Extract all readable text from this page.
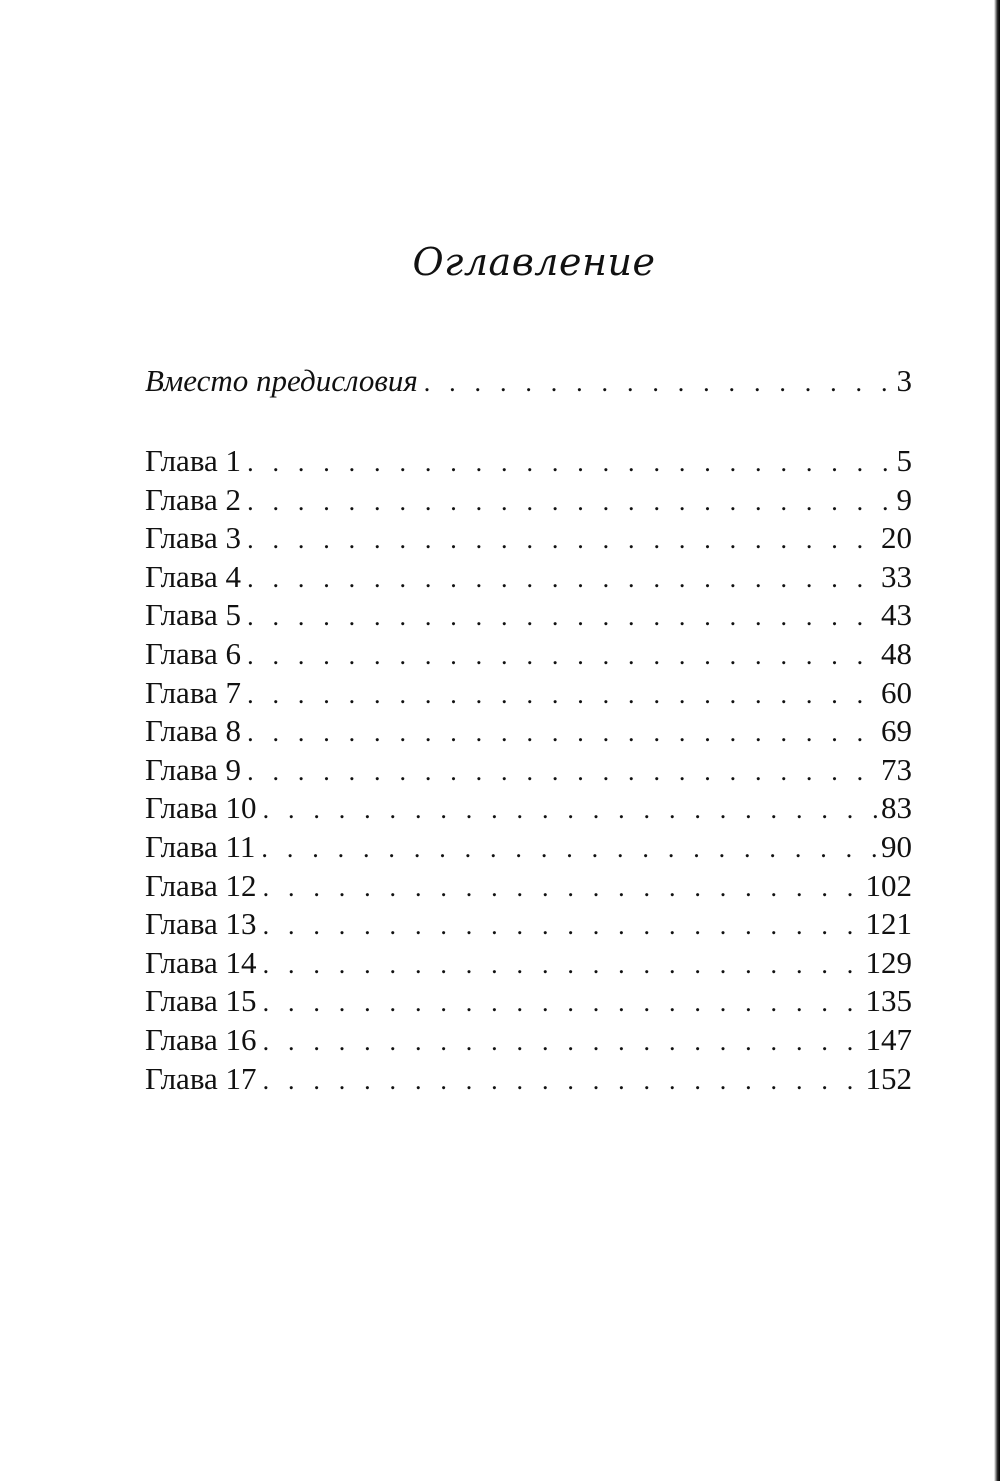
Оглавление
Вместо предисловия . . .	3
Глава 1 . . .	5
Глава 2 . . .	9
Глава 3 . . .	20
Глава 4 . . .	33
Глава 5 . . .	43
Глава 6 . . .	48
Глава 7 . . .	60
Глава 8 . . .	69
Глава 9 . . .	73
Глава 10 . . .	83
Глава 11 . . .	90
Глава 12 . . .	102
Глава 13 . . .	121
Глава 14 . . .	129
Глава 15 . . .	135
Глава 16 . . .	147
Глава 17 . . .	152
